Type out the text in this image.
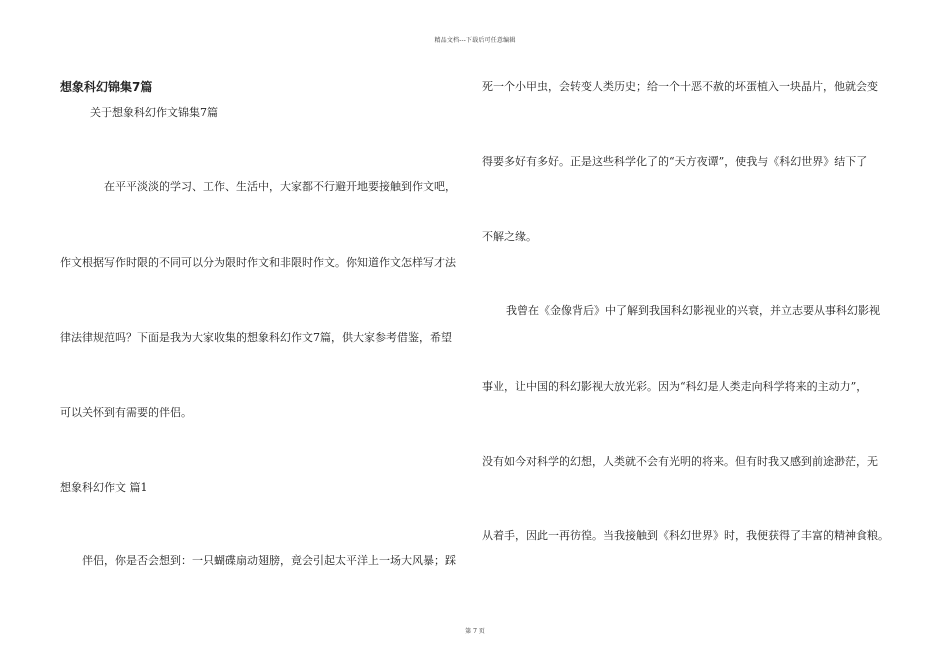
精品文档---下载后可任意编辑
想象科幻锦集7篇
关于想象科幻作文锦集7篇
在平平淡淡的学习、工作、生活中，大家都不行避开地要接触到作文吧，
作文根据写作时限的不同可以分为限时作文和非限时作文。你知道作文怎样写才法
律法律规范吗？下面是我为大家收集的想象科幻作文7篇，供大家参考借鉴，希望
可以关怀到有需要的伴侣。
想象科幻作文 篇1
伴侣，你是否会想到：一只蝴碟扇动翅膀，竟会引起太平洋上一场大风暴；踩
死一个小甲虫，会转变人类历史；给一个十恶不赦的坏蛋植入一块晶片，他就会变
得要多好有多好。正是这些科学化了的“天方夜谭”，使我与《科幻世界》结下了
不解之缘。
我曾在《金像背后》中了解到我国科幻影视业的兴衰，并立志要从事科幻影视
事业，让中国的科幻影视大放光彩。因为“科幻是人类走向科学将来的主动力”，
没有如今对科学的幻想，人类就不会有光明的将来。但有时我又感到前途渺茫，无
从着手，因此一再彷徨。当我接触到《科幻世界》时，我便获得了丰富的精神食粮。
第 7 页
